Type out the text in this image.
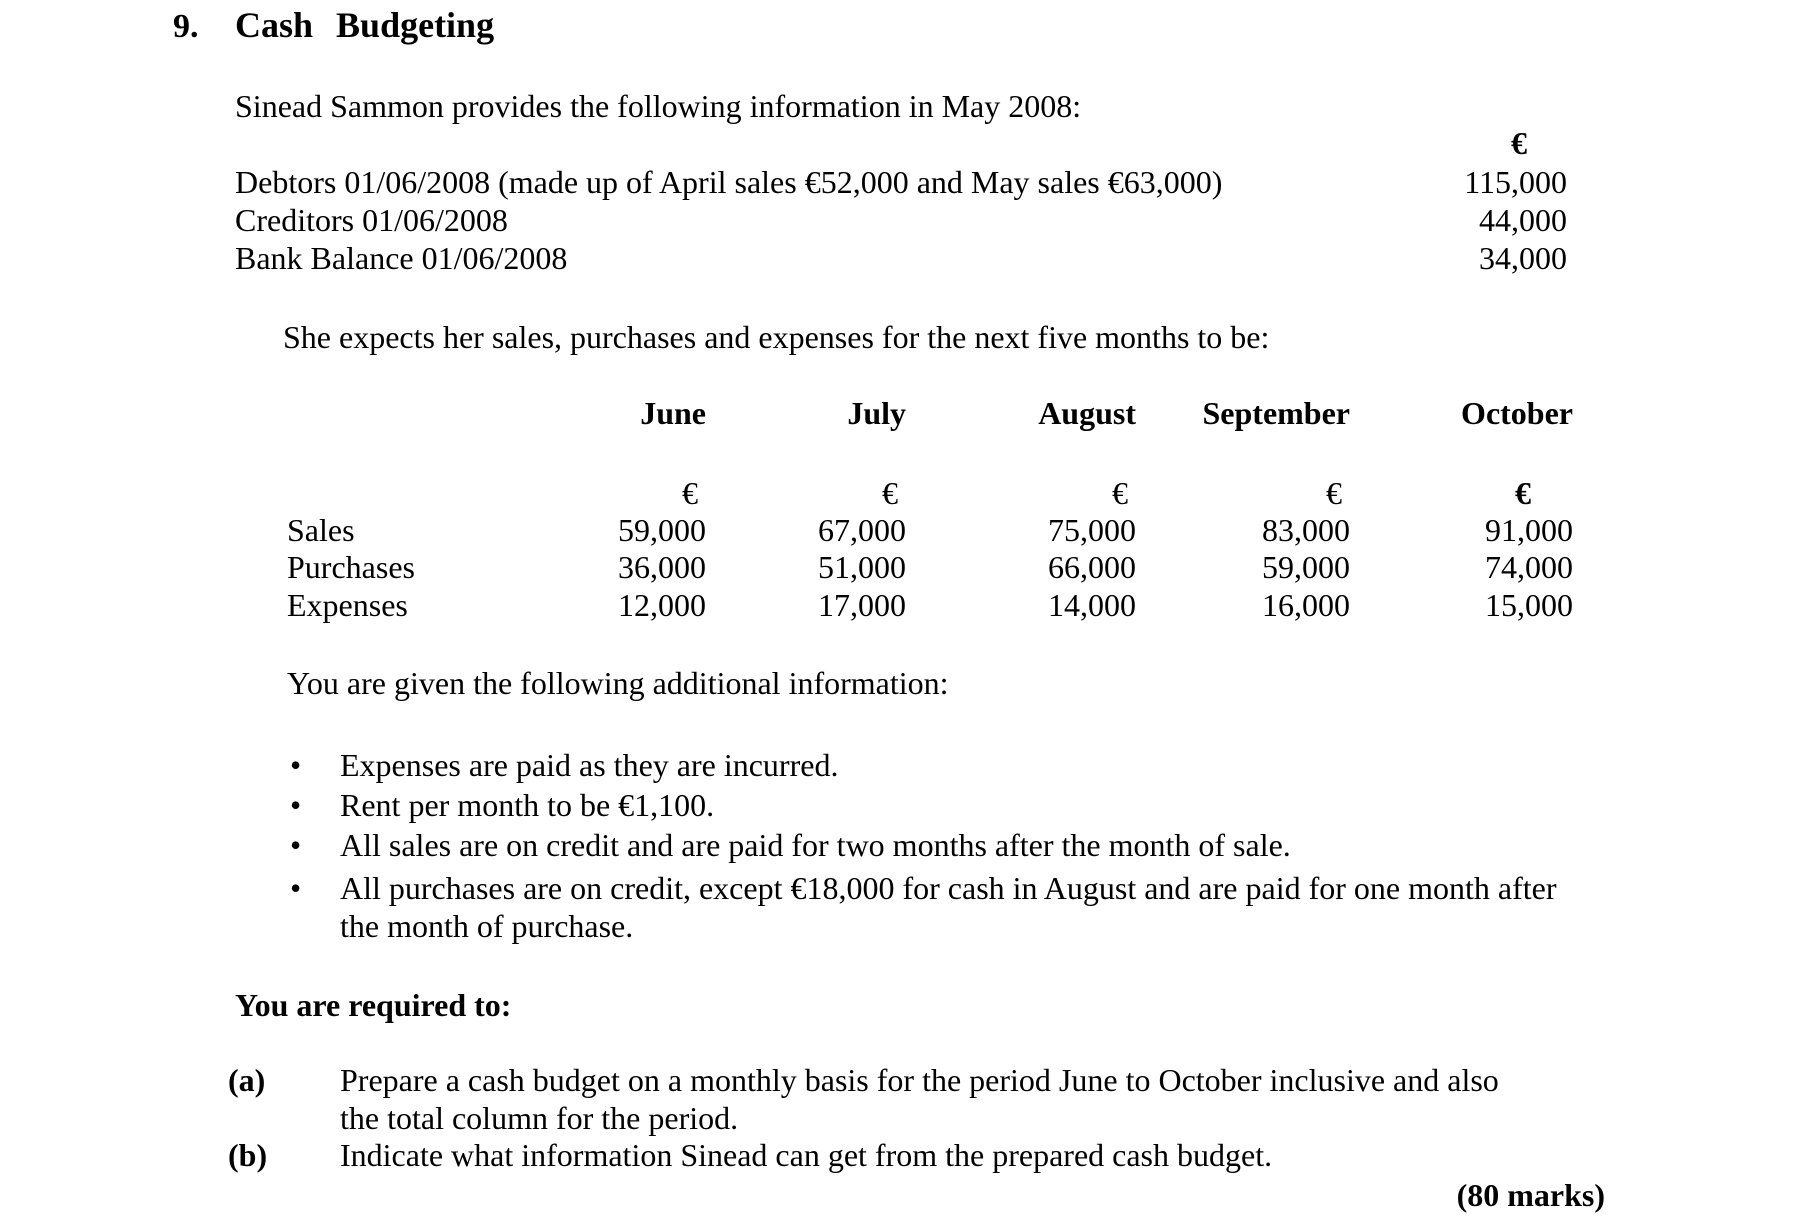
9. Cash Budgeting
Sinead Sammon provides the following information in May 2008:
€
Debtors 01/06/2008 (made up of April sales €52,000 and May sales €63,000)	115,000
Creditors 01/06/2008	44,000
Bank Balance 01/06/2008	34,000
She expects her sales, purchases and expenses for the next five months to be:
June	July	August	September	October
€	€	€	€	€
Sales	59,000	67,000	75,000	83,000	91,000
Purchases	36,000	51,000	66,000	59,000	74,000
Expenses	12,000	17,000	14,000	16,000	15,000
You are given the following additional information:
• Expenses are paid as they are incurred.
• Rent per month to be €1,100.
• All sales are on credit and are paid for two months after the month of sale.
• All purchases are on credit, except €18,000 for cash in August and are paid for one month after
the month of purchase.
You are required to:
(a) Prepare a cash budget on a monthly basis for the period June to October inclusive and also
the total column for the period.
(b) Indicate what information Sinead can get from the prepared cash budget.
(80 marks)
